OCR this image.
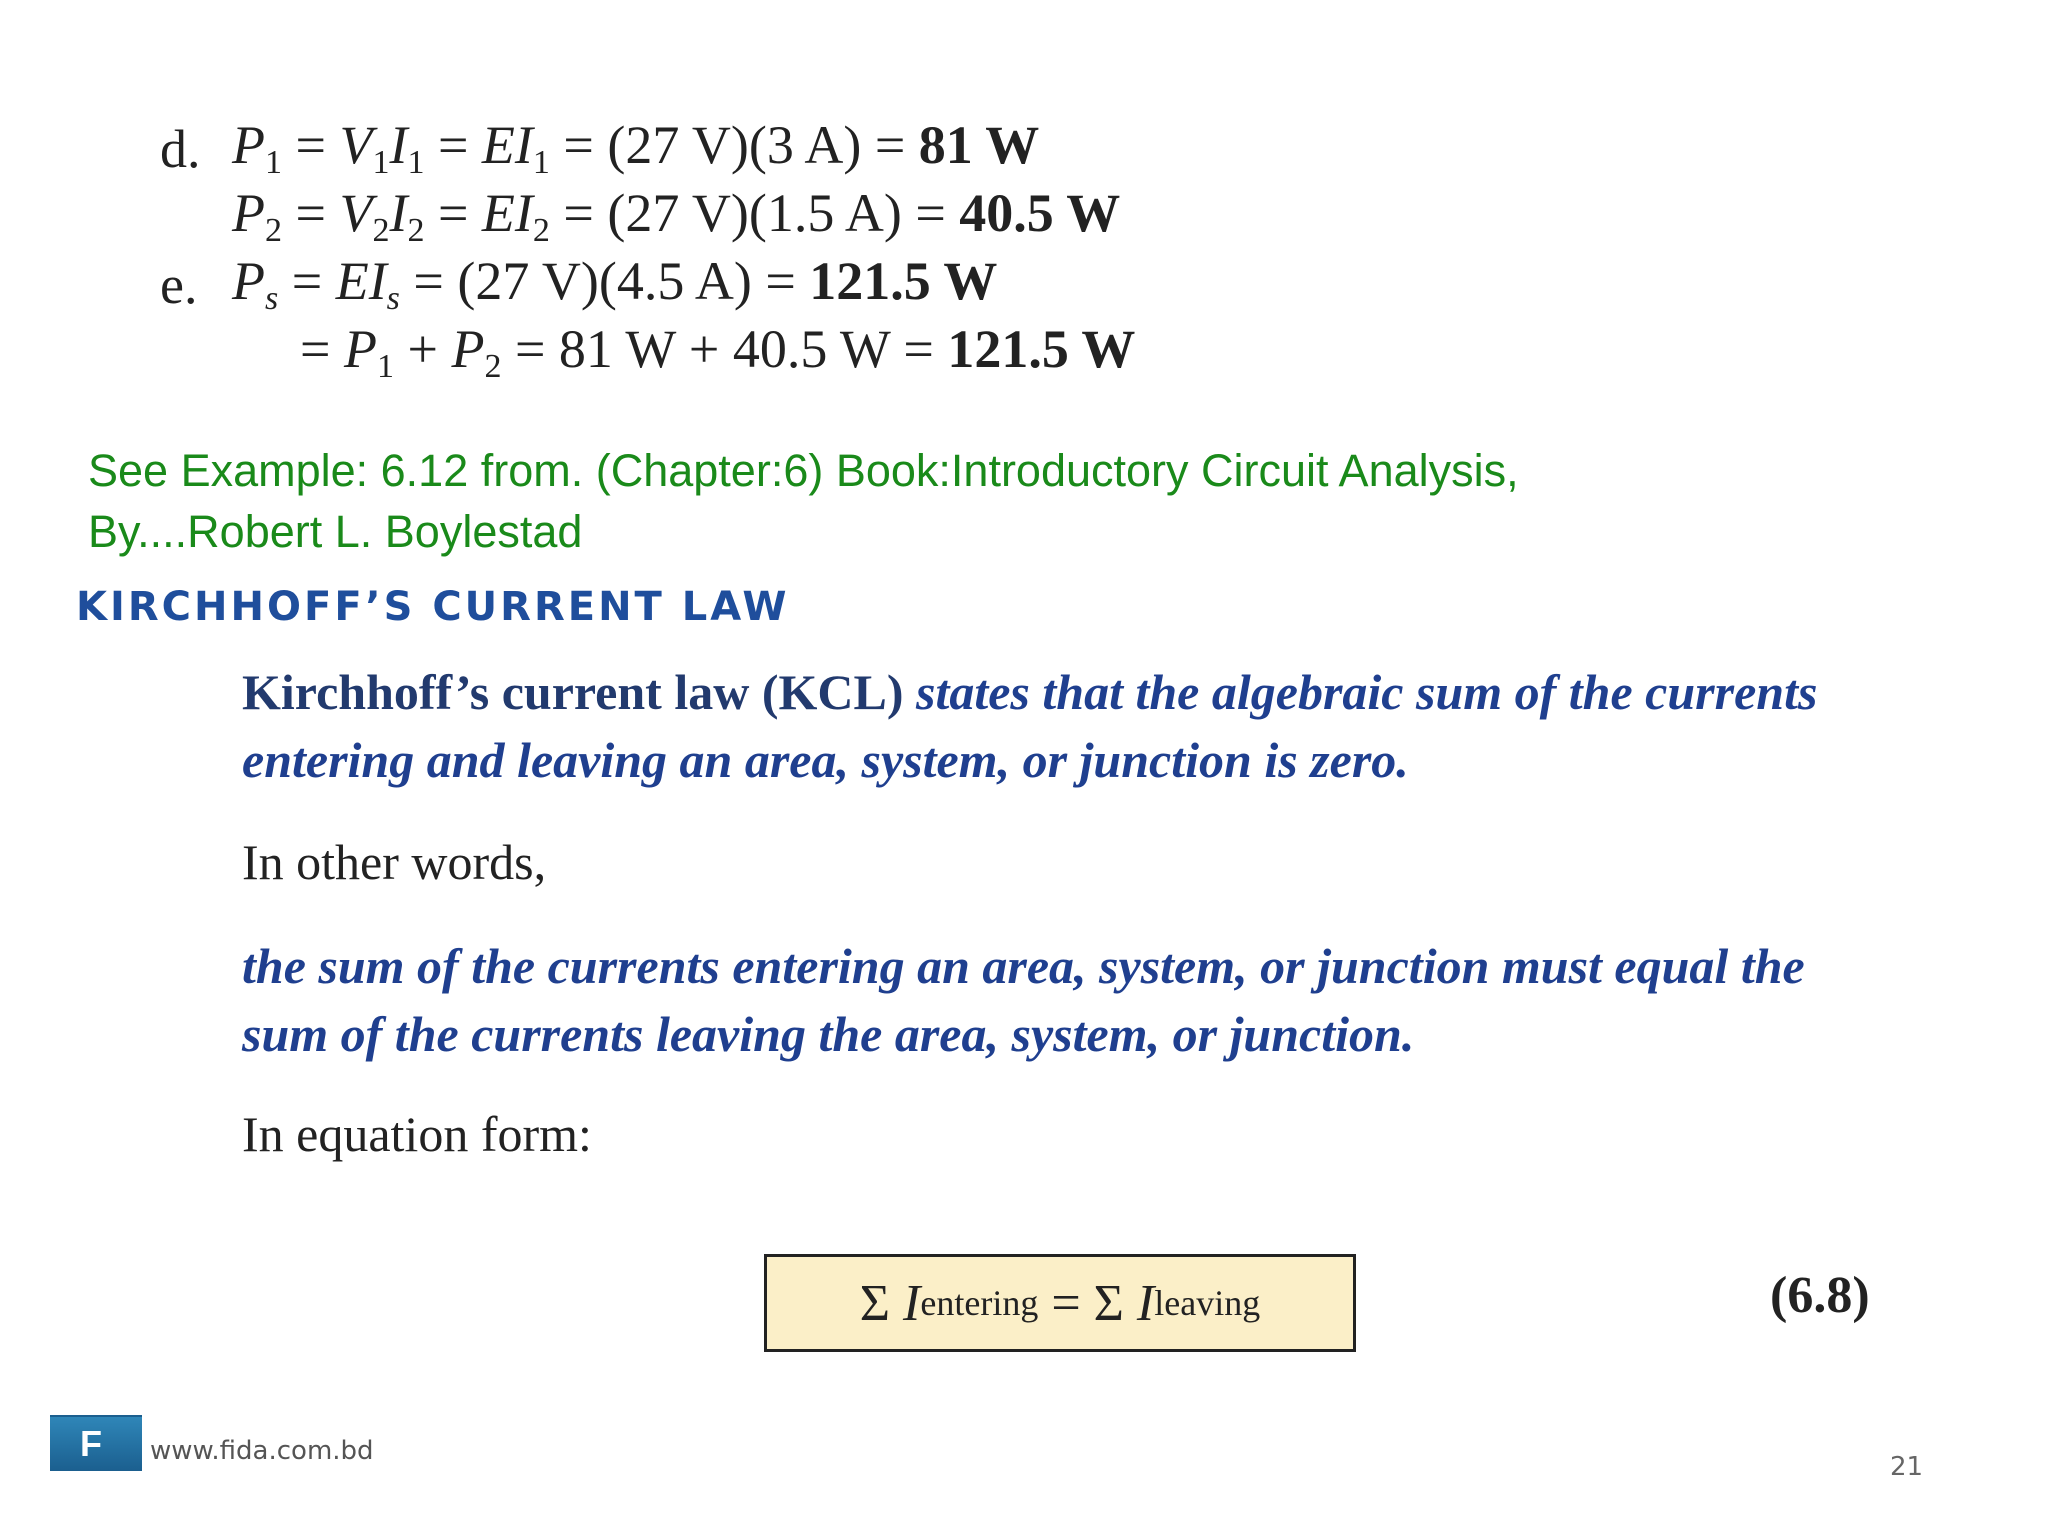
d. $P_1 = V_1I_1 = EI_1 = (27$ V)(3 A) = 81 W
$P_2 = V_2I_2 = EI_2 = (27$ V)(1.5 A) = 40.5 W
e. $P_s = EI_s = (27$ V)(4.5 A) = 121.5 W
= $P_1 + P_2 = 81$ W + 40.5 W = 121.5 W
See Example: 6.12 from. (Chapter:6) Book:Introductory Circuit Analysis,
By....Robert L. Boylestad
KIRCHHOFF’S CURRENT LAW
Kirchhoff’s current law (KCL) states that the algebraic sum of the currents entering and leaving an area, system, or junction is zero.
In other words,
the sum of the currents entering an area, system, or junction must equal the sum of the currents leaving the area, system, or junction.
In equation form:
Σ
I entering
=
Σ
I leaving	(6.8)
F www.fida.com.bd
21
